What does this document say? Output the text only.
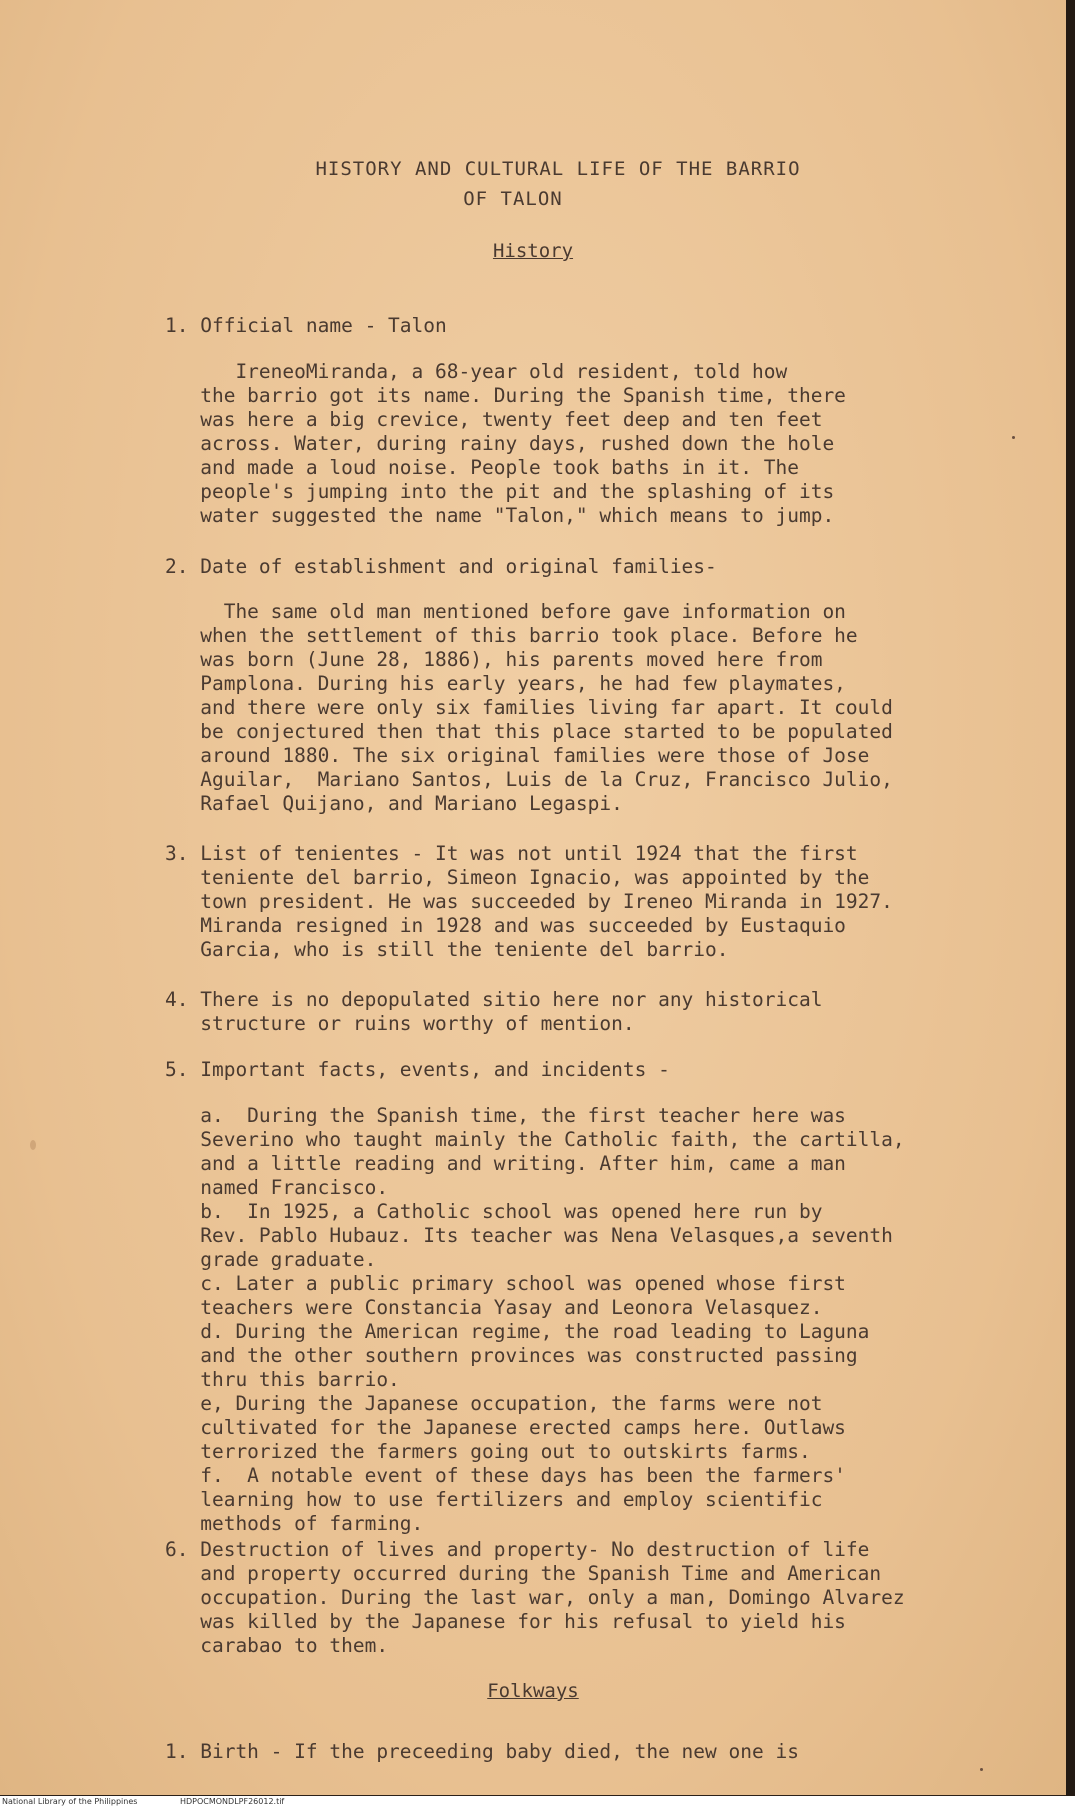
HISTORY AND CULTURAL LIFE OF THE BARRIO
OF TALON
History
1. Official name - Talon
IreneoMiranda, a 68-year old resident, told how
the barrio got its name. During the Spanish time, there
was here a big crevice, twenty feet deep and ten feet
across. Water, during rainy days, rushed down the hole
and made a loud noise. People took baths in it. The
people's jumping into the pit and the splashing of its
water suggested the name "Talon," which means to jump.
2. Date of establishment and original families-
The same old man mentioned before gave information on
when the settlement of this barrio took place. Before he
was born (June 28, 1886), his parents moved here from
Pamplona. During his early years, he had few playmates,
and there were only six families living far apart. It could
be conjectured then that this place started to be populated
around 1880. The six original families were those of Jose
Aguilar,  Mariano Santos, Luis de la Cruz, Francisco Julio,
Rafael Quijano, and Mariano Legaspi.
3. List of tenientes - It was not until 1924 that the first
teniente del barrio, Simeon Ignacio, was appointed by the
town president. He was succeeded by Ireneo Miranda in 1927.
Miranda resigned in 1928 and was succeeded by Eustaquio
Garcia, who is still the teniente del barrio.
4. There is no depopulated sitio here nor any historical
structure or ruins worthy of mention.
5. Important facts, events, and incidents -
a.  During the Spanish time, the first teacher here was
Severino who taught mainly the Catholic faith, the cartilla,
and a little reading and writing. After him, came a man
named Francisco.
b.  In 1925, a Catholic school was opened here run by
Rev. Pablo Hubauz. Its teacher was Nena Velasques,a seventh
grade graduate.
c. Later a public primary school was opened whose first
teachers were Constancia Yasay and Leonora Velasquez.
d. During the American regime, the road leading to Laguna
and the other southern provinces was constructed passing
thru this barrio.
e, During the Japanese occupation, the farms were not
cultivated for the Japanese erected camps here. Outlaws
terrorized the farmers going out to outskirts farms.
f.  A notable event of these days has been the farmers'
learning how to use fertilizers and employ scientific
methods of farming.
6. Destruction of lives and property- No destruction of life
and property occurred during the Spanish Time and American
occupation. During the last war, only a man, Domingo Alvarez
was killed by the Japanese for his refusal to yield his
carabao to them.
Folkways
1. Birth - If the preceeding baby died, the new one is
National Library of the Philippines	HDPOCMONDLPF26012.tif
